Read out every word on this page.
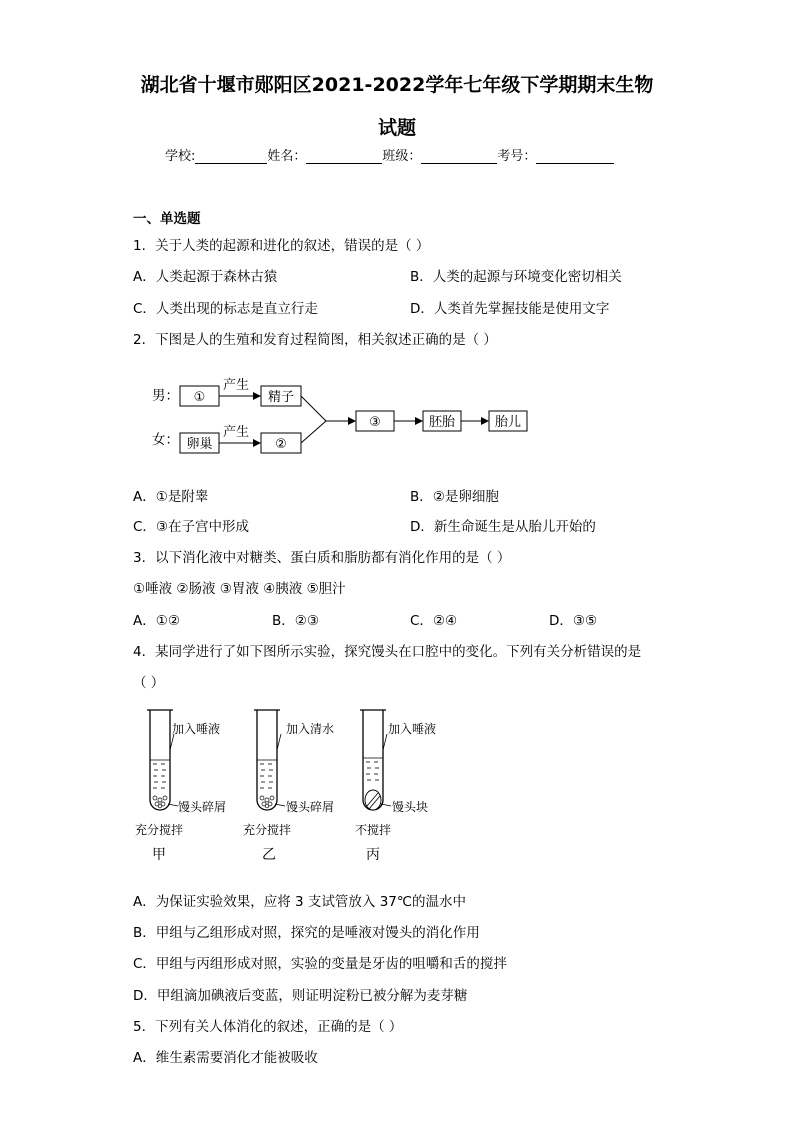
湖北省十堰市郧阳区2021-2022学年七年级下学期期末生物
试题
学校:	姓名：	班级：	考号：
一、单选题
1．关于人类的起源和进化的叙述，错误的是（ ）
A．人类起源于森林古猿	B．人类的起源与环境变化密切相关
C．人类出现的标志是直立行走	D．人类首先掌握技能是使用文字
2．下图是人的生殖和发育过程简图，相关叙述正确的是（ ）
男：
女：
①
卵巢
产生
产生
精子
②
③	胚胎	胎儿
A．①是附睾	B．②是卵细胞
C．③在子宫中形成	D．新生命诞生是从胎儿开始的
3．以下消化液中对糖类、蛋白质和脂肪都有消化作用的是（ ）
①唾液 ②肠液 ③胃液 ④胰液 ⑤胆汁
A．①②	B．②③	C．②④	D．③⑤
4．某同学进行了如下图所示实验，探究馒头在口腔中的变化。下列有关分析错误的是
（ ）
加入唾液
馒头碎屑
充分搅拌
甲
加入清水
馒头碎屑
充分搅拌
乙
加入唾液
馒头块
不搅拌
丙
A．为保证实验效果，应将 3 支试管放入 37℃的温水中
B．甲组与乙组形成对照，探究的是唾液对馒头的消化作用
C．甲组与丙组形成对照，实验的变量是牙齿的咀嚼和舌的搅拌
D．甲组滴加碘液后变蓝，则证明淀粉已被分解为麦芽糖
5．下列有关人体消化的叙述，正确的是（ ）
A．维生素需要消化才能被吸收
